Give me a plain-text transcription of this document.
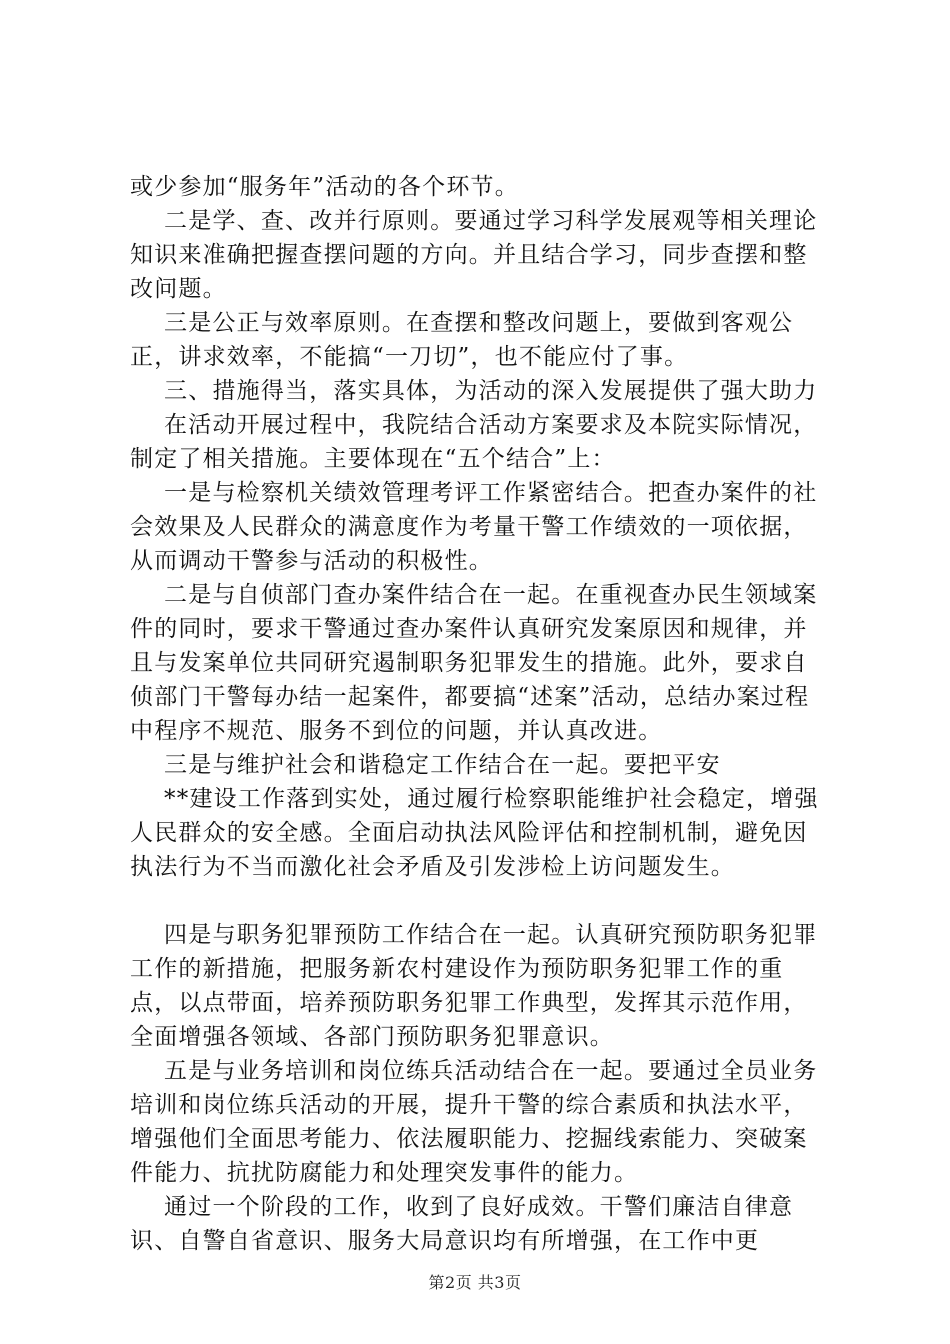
或少参加“服务年”活动的各个环节。

二是学、查、改并行原则。要通过学习科学发展观等相关理论知识来准确把握查摆问题的方向。并且结合学习，同步查摆和整改问题。

三是公正与效率原则。在查摆和整改问题上，要做到客观公正，讲求效率，不能搞“一刀切”，也不能应付了事。

三、措施得当，落实具体，为活动的深入发展提供了强大助力

在活动开展过程中，我院结合活动方案要求及本院实际情况，制定了相关措施。主要体现在“五个结合”上：

一是与检察机关绩效管理考评工作紧密结合。把查办案件的社会效果及人民群众的满意度作为考量干警工作绩效的一项依据，从而调动干警参与活动的积极性。

二是与自侦部门查办案件结合在一起。在重视查办民生领域案件的同时，要求干警通过查办案件认真研究发案原因和规律，并且与发案单位共同研究遏制职务犯罪发生的措施。此外，要求自侦部门干警每办结一起案件，都要搞“述案”活动，总结办案过程中程序不规范、服务不到位的问题，并认真改进。

三是与维护社会和谐稳定工作结合在一起。要把平安

**建设工作落到实处，通过履行检察职能维护社会稳定，增强人民群众的安全感。全面启动执法风险评估和控制机制，避免因执法行为不当而激化社会矛盾及引发涉检上访问题发生。

四是与职务犯罪预防工作结合在一起。认真研究预防职务犯罪工作的新措施，把服务新农村建设作为预防职务犯罪工作的重点，以点带面，培养预防职务犯罪工作典型，发挥其示范作用，全面增强各领域、各部门预防职务犯罪意识。

五是与业务培训和岗位练兵活动结合在一起。要通过全员业务培训和岗位练兵活动的开展，提升干警的综合素质和执法水平，增强他们全面思考能力、依法履职能力、挖掘线索能力、突破案件能力、抗扰防腐能力和处理突发事件的能力。

通过一个阶段的工作，收到了良好成效。干警们廉洁自律意识、自警自省意识、服务大局意识均有所增强，在工作中更

第2页 共3页
